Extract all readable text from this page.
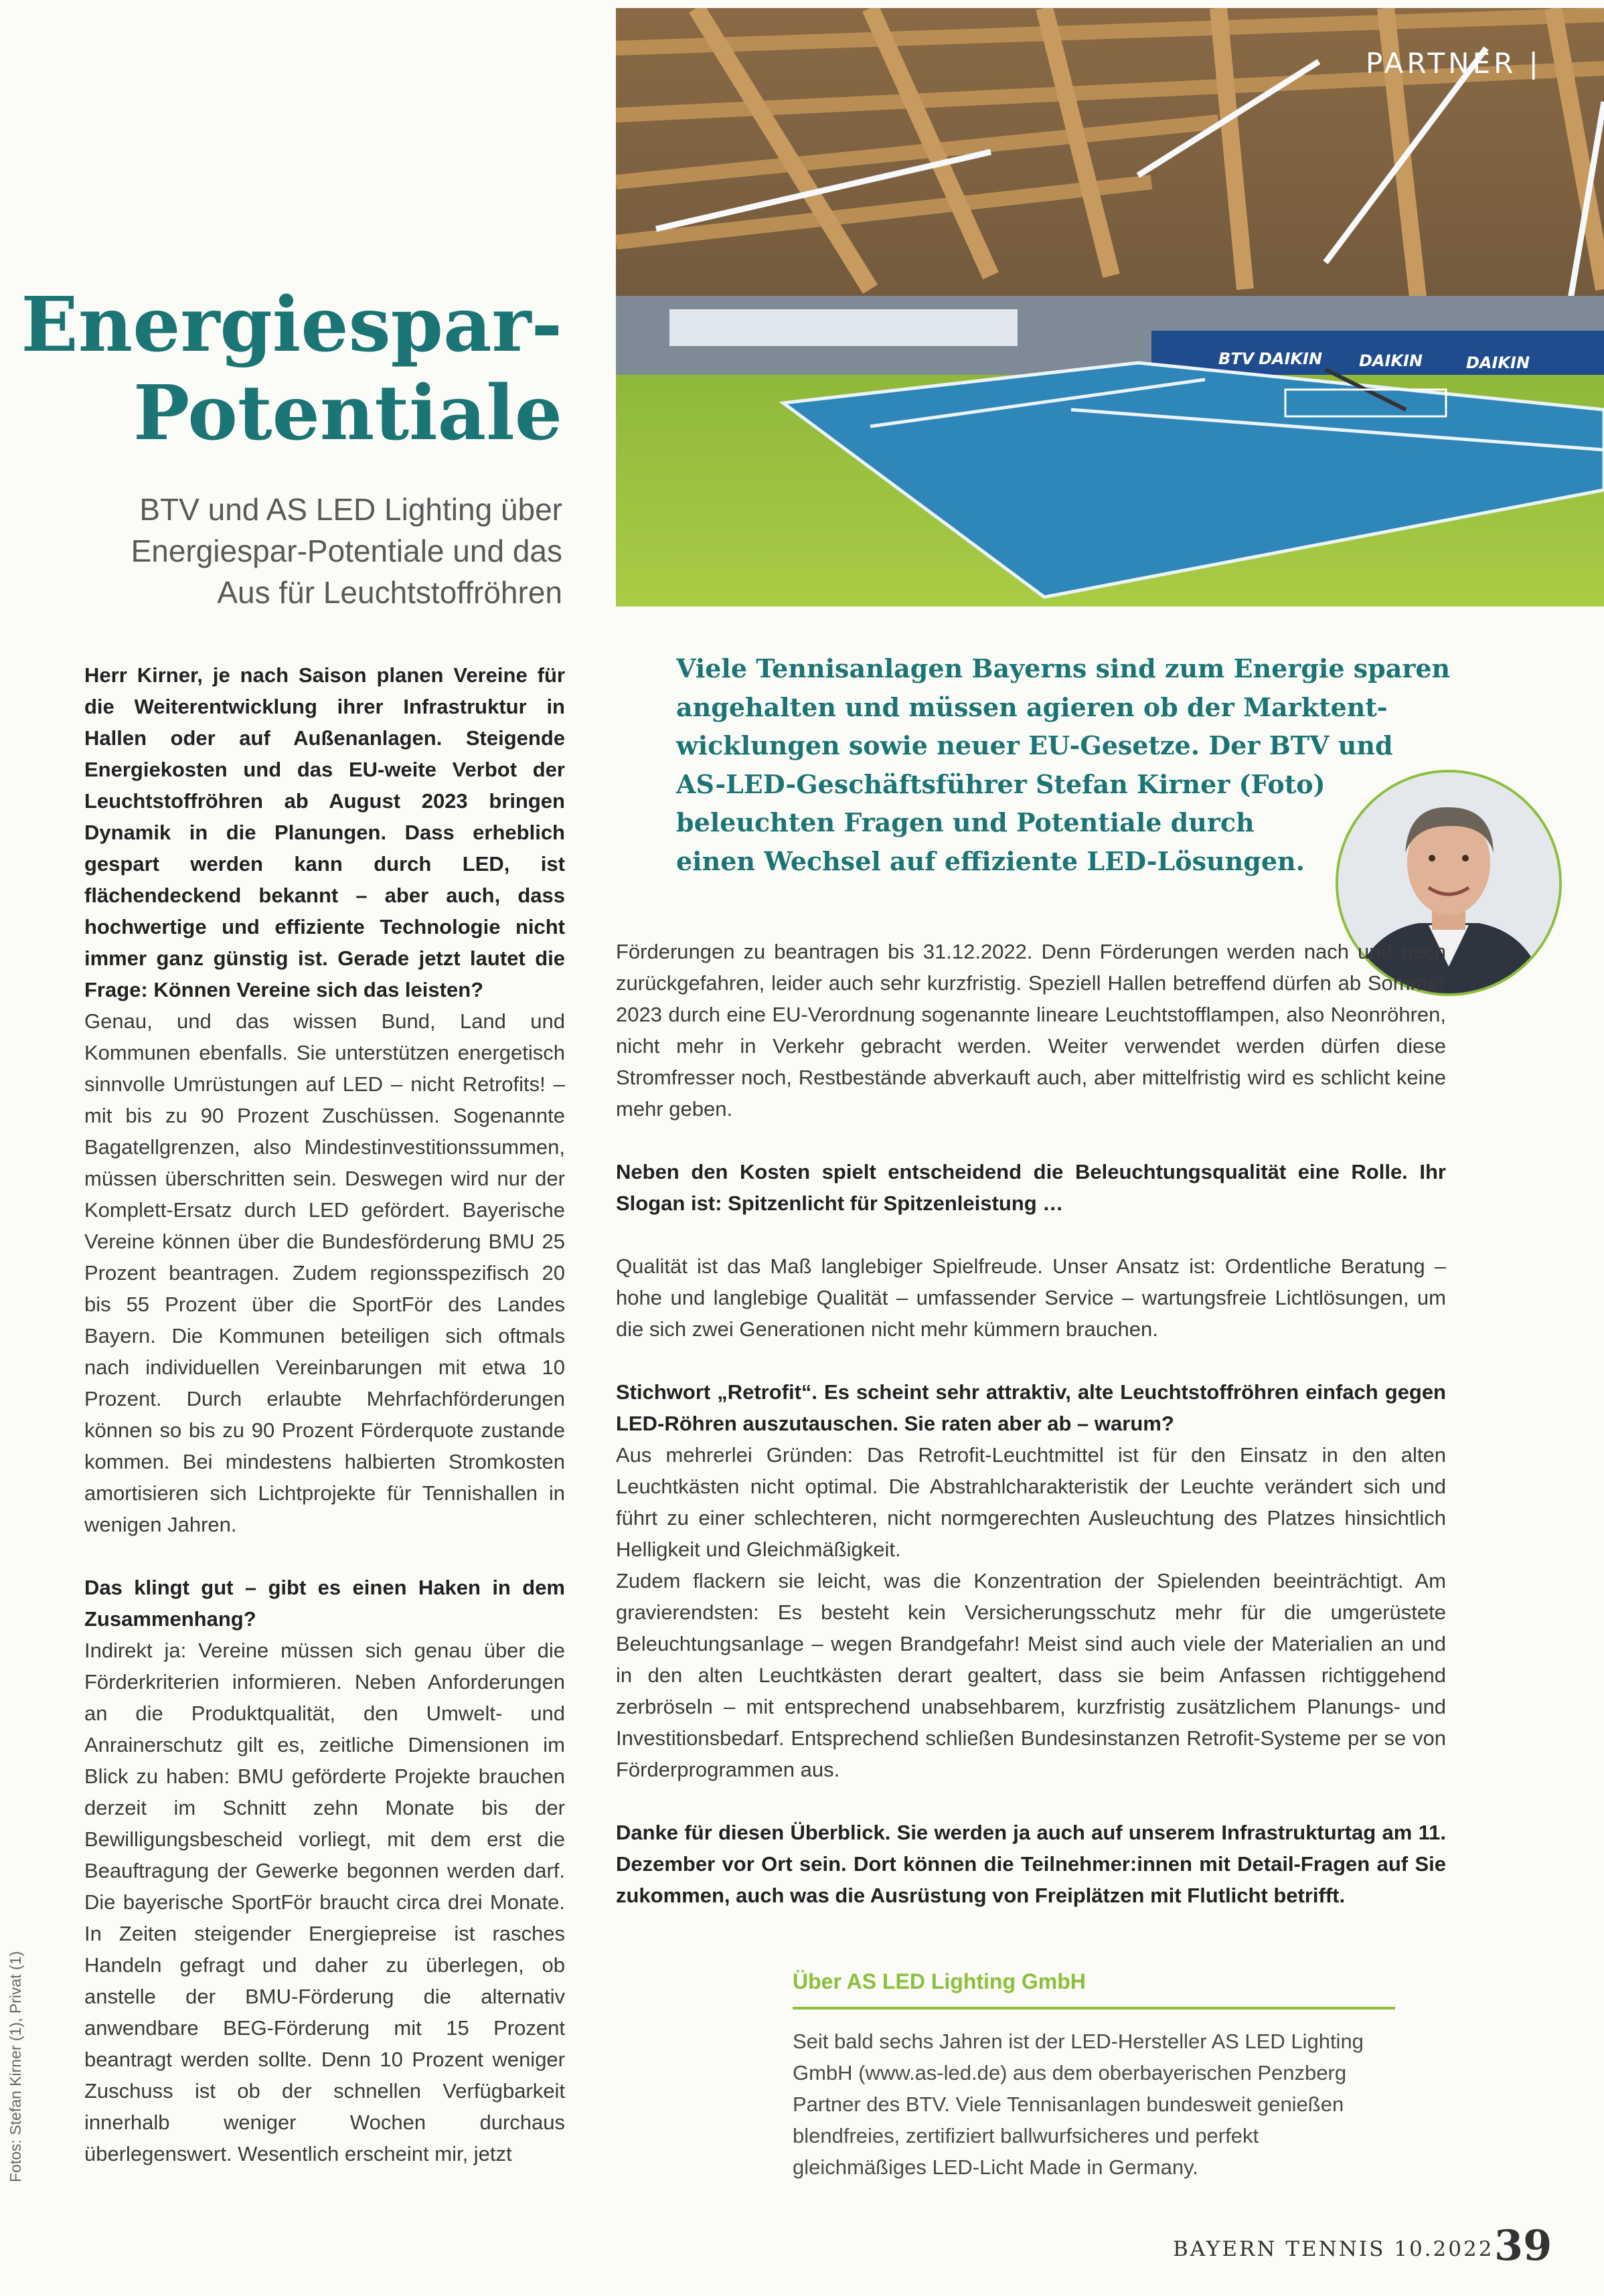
BTV DAIKIN DAIKIN	DAIKIN
PARTNER |
Energiespar-
Potentiale
BTV und AS LED Lighting über
Energiespar-Potentiale und das
Aus für Leuchtstoffröhren

Herr Kirner, je nach Saison planen Vereine für die Weiterentwicklung ihrer Infrastruktur in Hallen oder auf Außenanlagen. Steigende Energiekosten und das EU-weite Verbot der Leuchtstoffröhren ab August 2023 bringen Dynamik in die Planungen. Dass erheblich gespart werden kann durch LED, ist flächendeckend bekannt – aber auch, dass hochwertige und effiziente Technologie nicht immer ganz günstig ist. Gerade jetzt lautet die Frage: Können Vereine sich das leisten?

Genau, und das wissen Bund, Land und Kommunen ebenfalls. Sie unterstützen energetisch sinnvolle Umrüstungen auf LED – nicht Retrofits! – mit bis zu 90 Prozent Zuschüssen. Sogenannte Bagatellgrenzen, also Mindestinvestitionssummen, müssen überschritten sein. Deswegen wird nur der Komplett-Ersatz durch LED gefördert. Bayerische Vereine können über die Bundesförderung BMU 25 Prozent beantragen. Zudem regionsspezifisch 20 bis 55 Prozent über die SportFör des Landes Bayern. Die Kommunen beteiligen sich oftmals nach individuellen Vereinbarungen mit etwa 10 Prozent. Durch erlaubte Mehrfachförderungen können so bis zu 90 Prozent Förderquote zustande kommen. Bei mindestens halbierten Stromkosten amortisieren sich Lichtprojekte für Tennishallen in wenigen Jahren.

Das klingt gut – gibt es einen Haken in dem Zusammenhang?

Indirekt ja: Vereine müssen sich genau über die Förderkriterien informieren. Neben Anforderungen an die Produktqualität, den Umwelt- und Anrainerschutz gilt es, zeitliche Dimensionen im Blick zu haben: BMU geförderte Projekte brauchen derzeit im Schnitt zehn Monate bis der Bewilligungsbescheid vorliegt, mit dem erst die Beauftragung der Gewerke begonnen werden darf. Die bayerische SportFör braucht circa drei Monate. In Zeiten steigender Energiepreise ist rasches Handeln gefragt und daher zu überlegen, ob anstelle der BMU-Förderung die alternativ anwendbare BEG-Förderung mit 15 Prozent beantragt werden sollte. Denn 10 Prozent weniger Zuschuss ist ob der schnellen Verfügbarkeit innerhalb weniger Wochen durchaus überlegenswert. Wesentlich erscheint mir, jetzt

Viele Tennisanlagen Bayerns sind zum Energie sparen
angehalten und müssen agieren ob der Marktent-
wicklungen sowie neuer EU-Gesetze. Der BTV und
AS-LED-Geschäftsführer Stefan Kirner (Foto)
beleuchten Fragen und Potentiale durch
einen Wechsel auf effiziente LED-Lösungen.

Förderungen zu beantragen bis 31.12.2022. Denn Förderungen werden nach und nach zurückgefahren, leider auch sehr kurzfristig. Speziell Hallen betreffend dürfen ab Sommer 2023 durch eine EU-Verordnung sogenannte lineare Leuchtstofflampen, also Neonröhren, nicht mehr in Verkehr gebracht werden. Weiter verwendet werden dürfen diese Stromfresser noch, Restbestände abverkauft auch, aber mittelfristig wird es schlicht keine mehr geben.

Neben den Kosten spielt entscheidend die Beleuchtungsqualität eine Rolle. Ihr Slogan ist: Spitzenlicht für Spitzenleistung …

Qualität ist das Maß langlebiger Spielfreude. Unser Ansatz ist: Ordentliche Beratung – hohe und langlebige Qualität – umfassender Service – wartungsfreie Lichtlösungen, um die sich zwei Generationen nicht mehr kümmern brauchen.

Stichwort „Retrofit“. Es scheint sehr attraktiv, alte Leuchtstoffröhren einfach gegen LED-Röhren auszutauschen. Sie raten aber ab – warum?

Aus mehrerlei Gründen: Das Retrofit-Leuchtmittel ist für den Einsatz in den alten Leuchtkästen nicht optimal. Die Abstrahlcharakteristik der Leuchte verändert sich und führt zu einer schlechteren, nicht normgerechten Ausleuchtung des Platzes hinsichtlich Helligkeit und Gleichmäßigkeit.

Zudem flackern sie leicht, was die Konzentration der Spielenden beeinträchtigt. Am gravierendsten: Es besteht kein Versicherungsschutz mehr für die umgerüstete Beleuchtungsanlage – wegen Brandgefahr! Meist sind auch viele der Materialien an und in den alten Leuchtkästen derart gealtert, dass sie beim Anfassen richtiggehend zerbröseln – mit entsprechend unabsehbarem, kurzfristig zusätzlichem Planungs- und Investitionsbedarf. Entsprechend schließen Bundesinstanzen Retrofit-Systeme per se von Förderprogrammen aus.

Danke für diesen Überblick. Sie werden ja auch auf unserem Infrastrukturtag am 11. Dezember vor Ort sein. Dort können die Teilnehmer:innen mit Detail-Fragen auf Sie zukommen, auch was die Ausrüstung von Freiplätzen mit Flutlicht betrifft.

Über AS LED Lighting GmbH
Seit bald sechs Jahren ist der LED-Hersteller AS LED Lighting GmbH (www.as-led.de) aus dem oberbayerischen Penzberg Partner des BTV. Viele Tennisanlagen bundesweit genießen blendfreies, zertifiziert ballwurfsicheres und perfekt gleichmäßiges LED-Licht Made in Germany.
BAYERN TENNIS 10.2022 39
Fotos: Stefan Kirner (1), Privat (1)
